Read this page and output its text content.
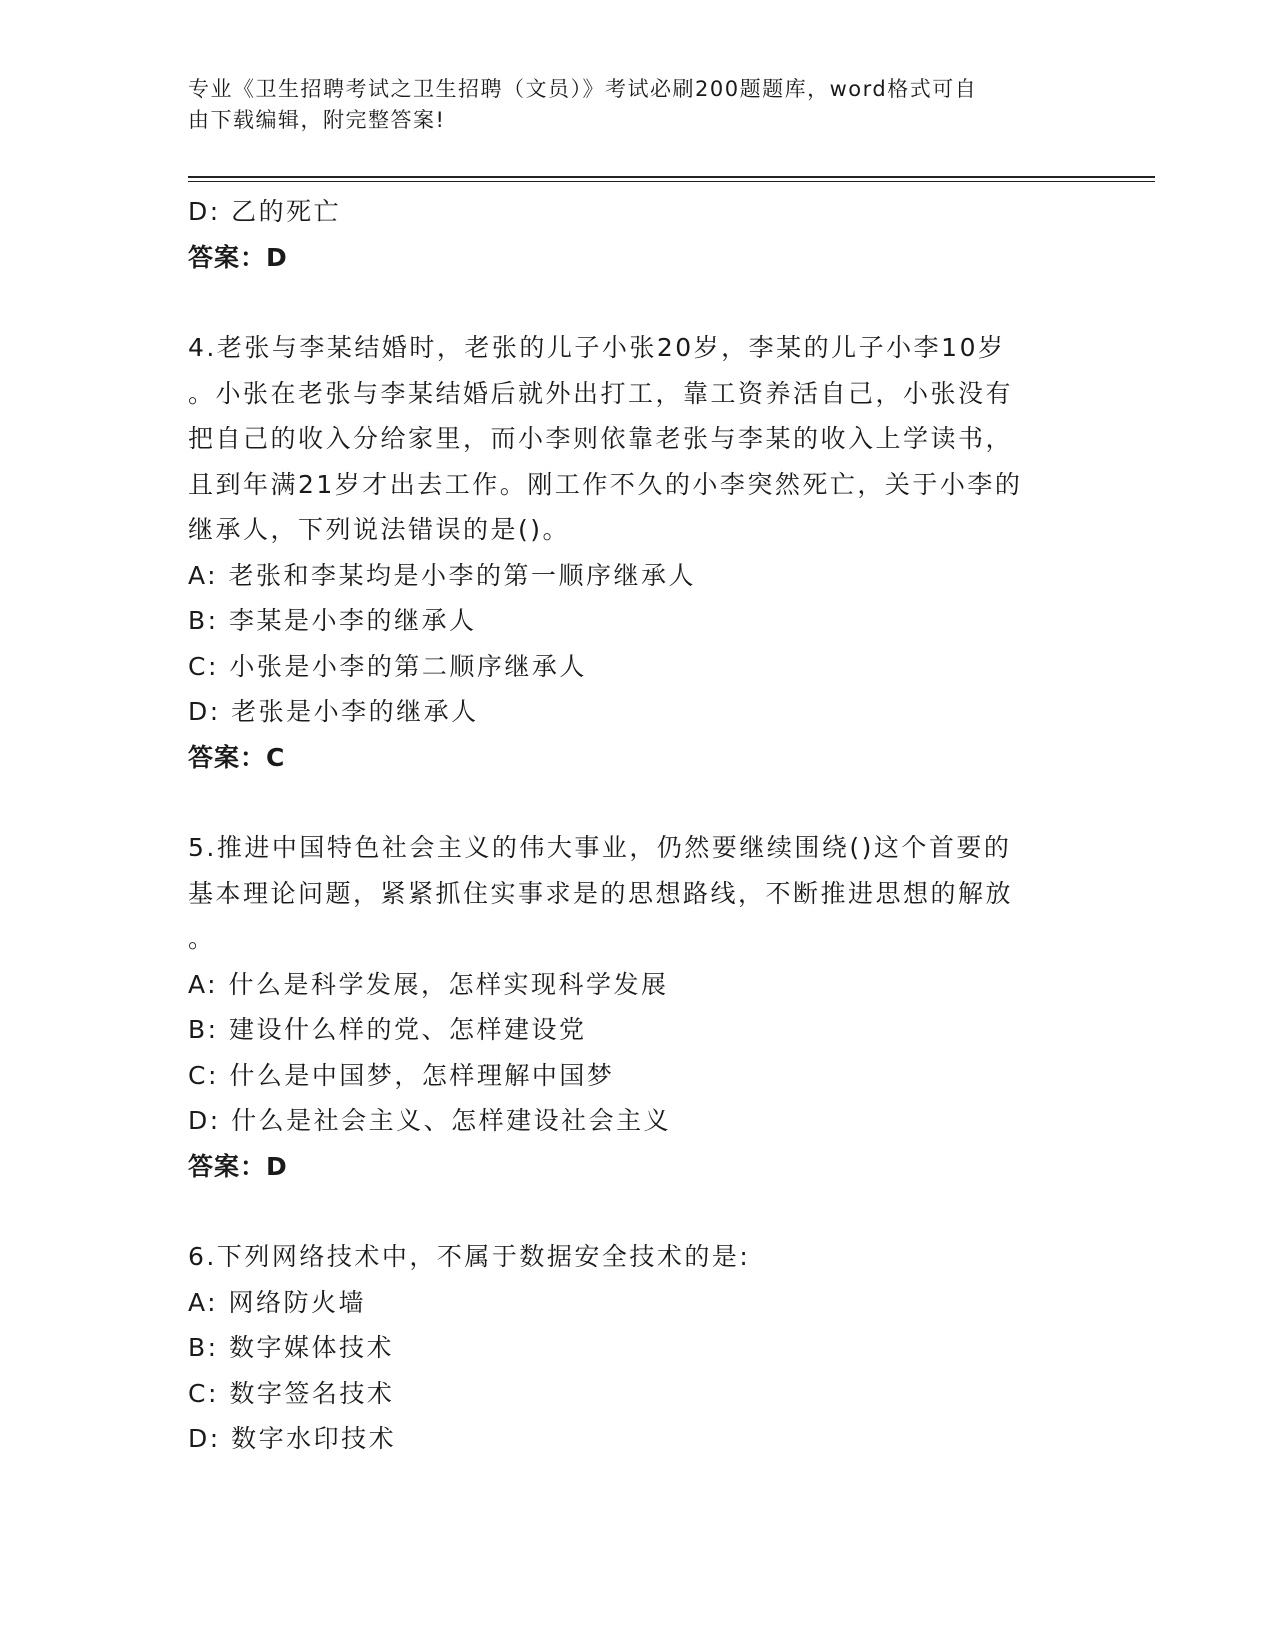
专业《卫生招聘考试之卫生招聘（文员）》考试必刷200题题库，word格式可自
由下载编辑，附完整答案!
D: 乙的死亡
答案：D
4.老张与李某结婚时，老张的儿子小张20岁，李某的儿子小李10岁
。小张在老张与李某结婚后就外出打工，靠工资养活自己，小张没有
把自己的收入分给家里，而小李则依靠老张与李某的收入上学读书，
且到年满21岁才出去工作。刚工作不久的小李突然死亡，关于小李的
继承人，下列说法错误的是()。
A: 老张和李某均是小李的第一顺序继承人
B: 李某是小李的继承人
C: 小张是小李的第二顺序继承人
D: 老张是小李的继承人
答案：C
5.推进中国特色社会主义的伟大事业，仍然要继续围绕()这个首要的
基本理论问题，紧紧抓住实事求是的思想路线，不断推进思想的解放
。
A: 什么是科学发展，怎样实现科学发展
B: 建设什么样的党、怎样建设党
C: 什么是中国梦，怎样理解中国梦
D: 什么是社会主义、怎样建设社会主义
答案：D
6.下列网络技术中，不属于数据安全技术的是:
A: 网络防火墙
B: 数字媒体技术
C: 数字签名技术
D: 数字水印技术
